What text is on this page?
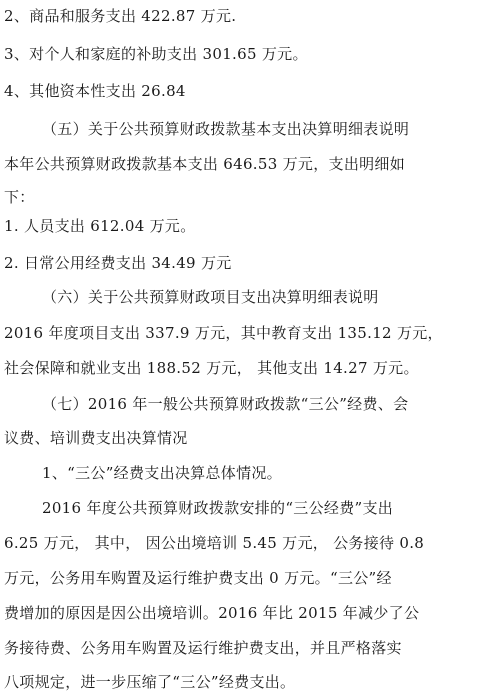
2、商品和服务支出 422.87 万元.
3、对个人和家庭的补助支出 301.65 万元。
4、其他资本性支出 26.84
（五）关于公共预算财政拨款基本支出决算明细表说明
本年公共预算财政拨款基本支出 646.53 万元，支出明细如
下：
1. 人员支出 612.04 万元。
2. 日常公用经费支出 34.49 万元
（六）关于公共预算财政项目支出决算明细表说明
2016 年度项目支出 337.9 万元，其中教育支出 135.12 万元，
社会保障和就业支出 188.52 万元， 其他支出 14.27 万元。
（七）2016 年一般公共预算财政拨款“三公”经费、会
议费、培训费支出决算情况
1、“三公”经费支出决算总体情况。
2016 年度公共预算财政拨款安排的“三公经费”支出
6.25 万元， 其中， 因公出境培训 5.45 万元， 公务接待 0.8
万元，公务用车购置及运行维护费支出 0 万元。“三公”经
费增加的原因是因公出境培训。2016 年比 2015 年减少了公
务接待费、公务用车购置及运行维护费支出，并且严格落实
八项规定，进一步压缩了“三公”经费支出。
